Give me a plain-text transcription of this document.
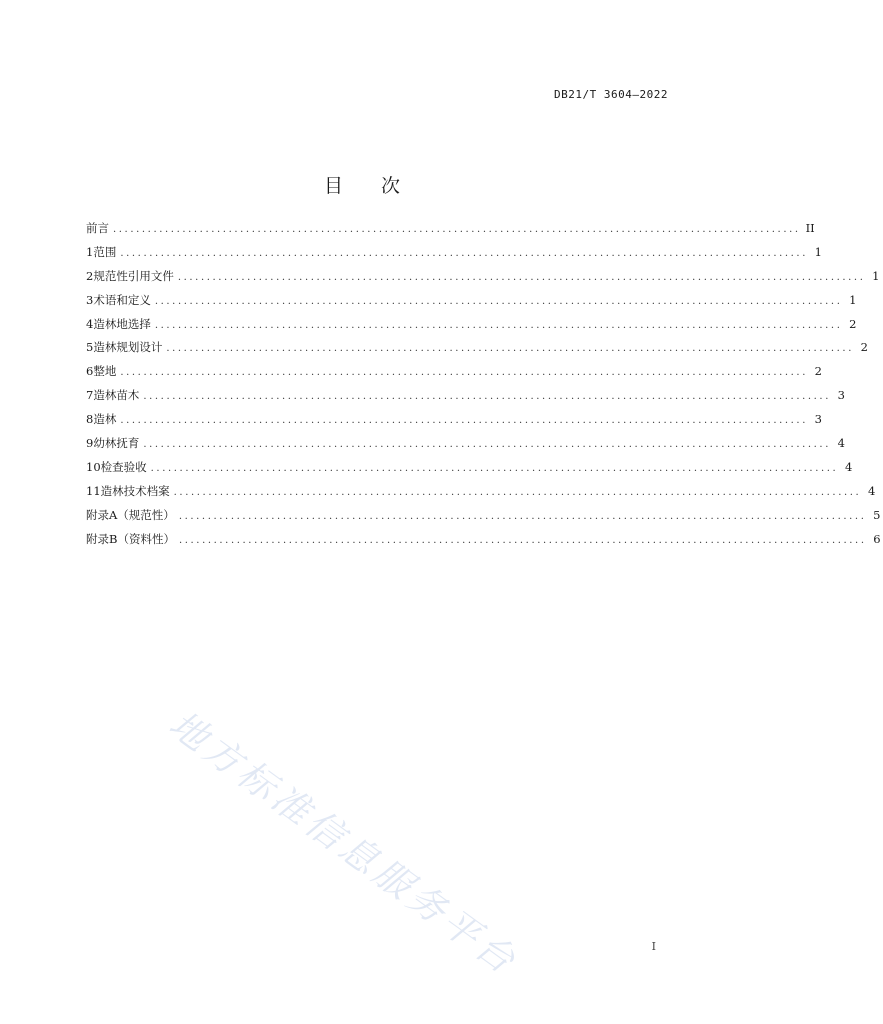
DB21/T 3604—2022
目 次
前言 ....................................................................................................................... II
1 范围 ....................................................................................................................... 1
2 规范性引用文件 ....................................................................................................................... 1
3 术语和定义 ....................................................................................................................... 1
4 造林地选择 ....................................................................................................................... 2
5 造林规划设计 ....................................................................................................................... 2
6 整地 ....................................................................................................................... 2
7 造林苗木 ....................................................................................................................... 3
8 造林 ....................................................................................................................... 3
9 幼林抚育 ....................................................................................................................... 4
10 检查验收 ....................................................................................................................... 4
11 造林技术档案 ....................................................................................................................... 4
附录A（规范性） ....................................................................................................................... 5
附录B（资料性） ....................................................................................................................... 6
地方标准信息服务平台	I
